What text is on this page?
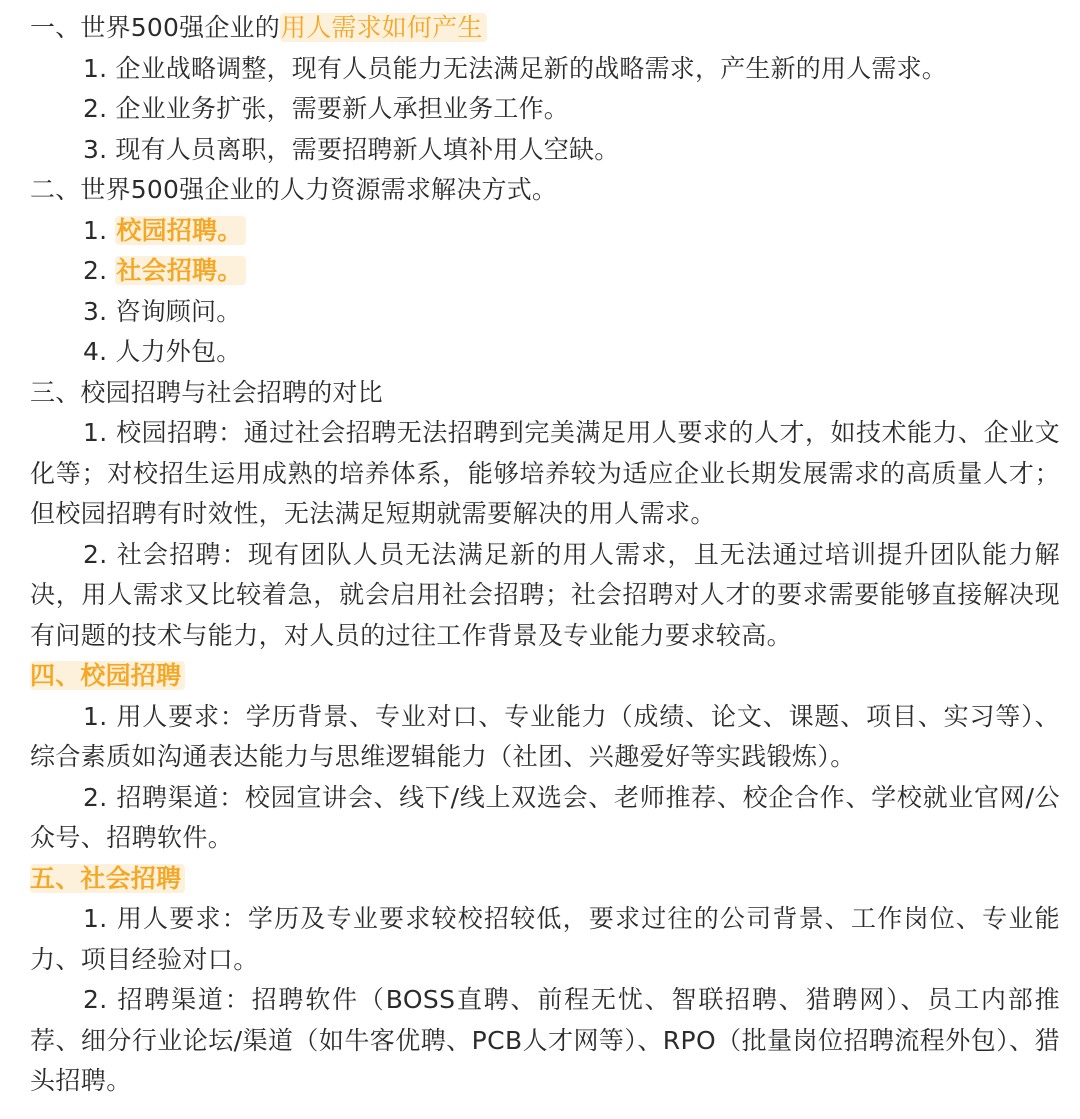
一、世界500强企业的用人需求如何产生
1. 企业战略调整，现有人员能力无法满足新的战略需求，产生新的用人需求。
2. 企业业务扩张，需要新人承担业务工作。
3. 现有人员离职，需要招聘新人填补用人空缺。
二、世界500强企业的人力资源需求解决方式。
1. 校园招聘。
2. 社会招聘。
3. 咨询顾问。
4. 人力外包。
三、校园招聘与社会招聘的对比

1. 校园招聘：通过社会招聘无法招聘到完美满足用人要求的人才，如技术能力、企业文化等；对校招生运用成熟的培养体系，能够培养较为适应企业长期发展需求的高质量人才；但校园招聘有时效性，无法满足短期就需要解决的用人需求。

2. 社会招聘：现有团队人员无法满足新的用人需求，且无法通过培训提升团队能力解决，用人需求又比较着急，就会启用社会招聘；社会招聘对人才的要求需要能够直接解决现有问题的技术与能力，对人员的过往工作背景及专业能力要求较高。

四、校园招聘

1. 用人要求：学历背景、专业对口、专业能力（成绩、论文、课题、项目、实习等）、综合素质如沟通表达能力与思维逻辑能力（社团、兴趣爱好等实践锻炼）。

2. 招聘渠道：校园宣讲会、线下/线上双选会、老师推荐、校企合作、学校就业官网/公众号、招聘软件。

五、社会招聘

1. 用人要求：学历及专业要求较校招较低，要求过往的公司背景、工作岗位、专业能力、项目经验对口。

2. 招聘渠道：招聘软件（BOSS直聘、前程无忧、智联招聘、猎聘网）、员工内部推荐、细分行业论坛/渠道（如牛客优聘、PCB人才网等）、RPO（批量岗位招聘流程外包）、猎头招聘。
